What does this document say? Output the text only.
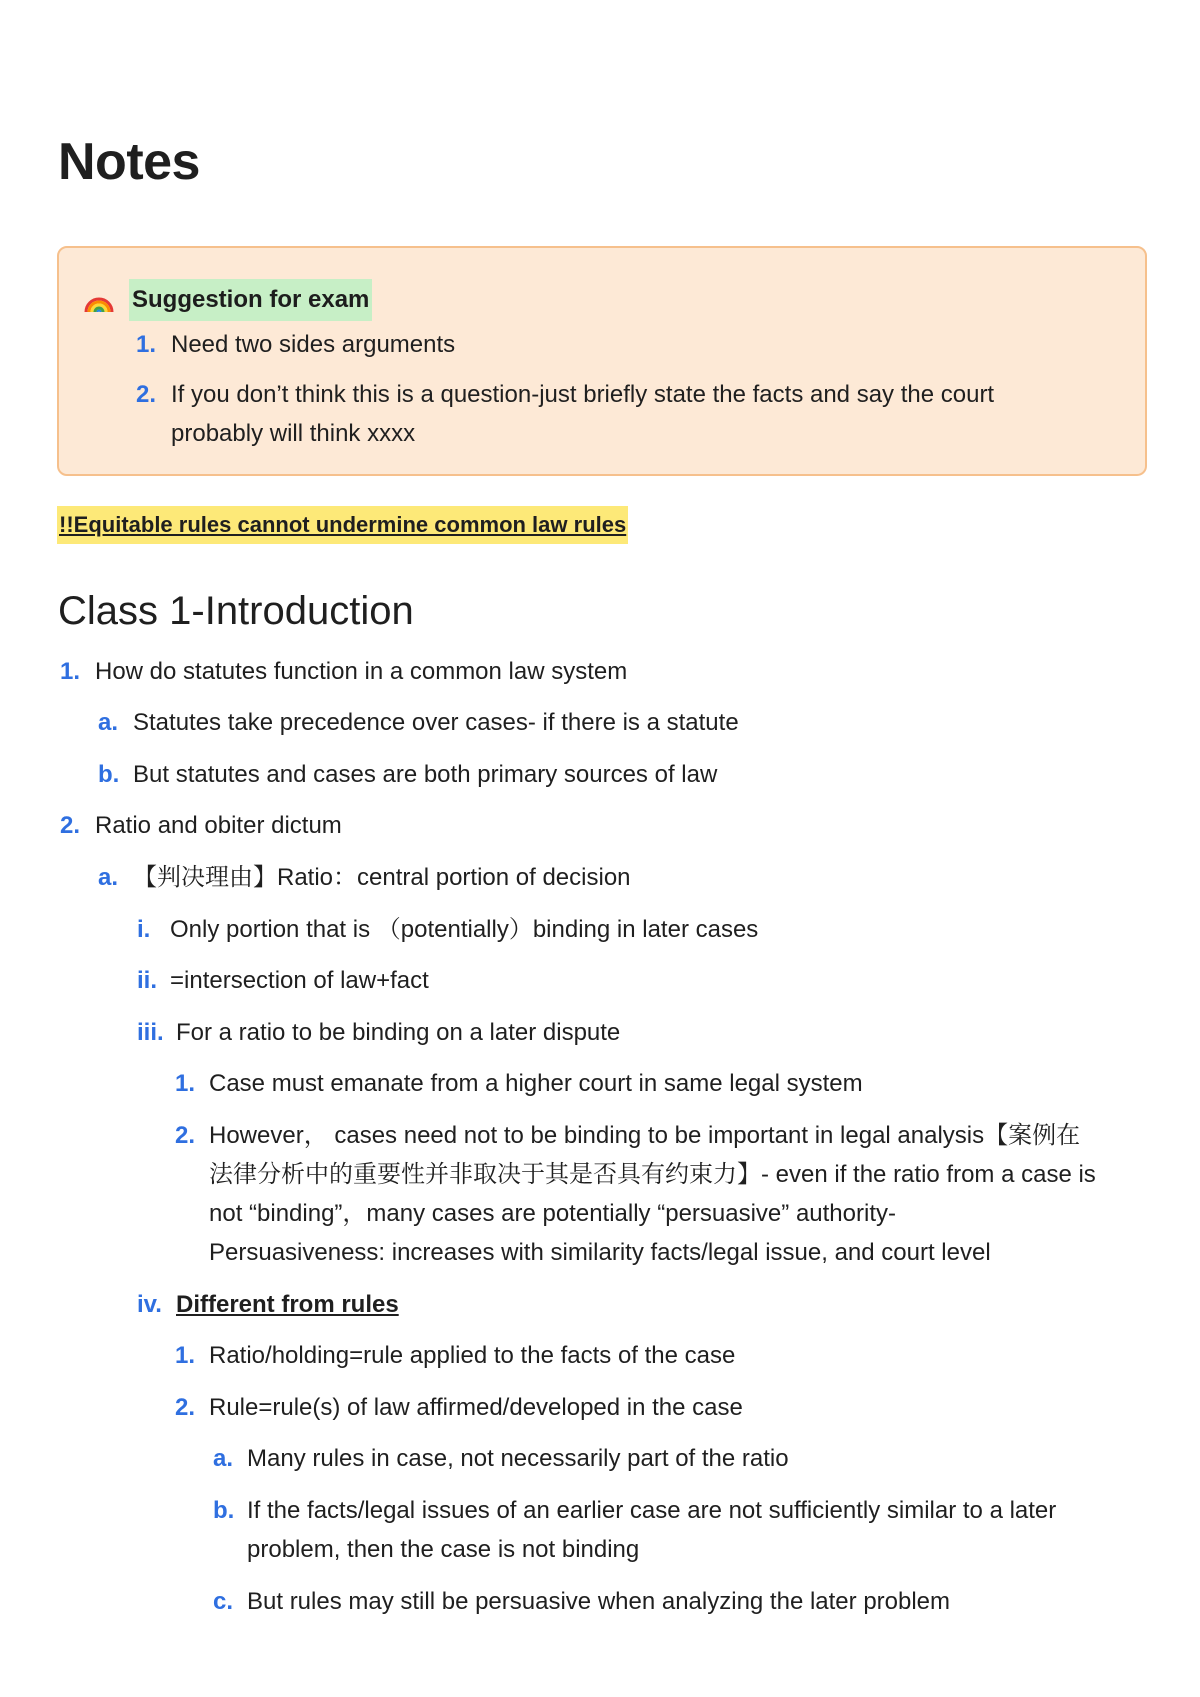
Notes
Suggestion for exam
1. Need two sides arguments
2. If you don’t think this is a question-just briefly state the facts and say the court
probably will think xxxx
!!Equitable rules cannot undermine common law rules
Class 1-Introduction
1. How do statutes function in a common law system
a. Statutes take precedence over cases- if there is a statute
b. But statutes and cases are both primary sources of law
2. Ratio and obiter dictum
a. 【判决理由】Ratio：central portion of decision
i. Only portion that is （potentially）binding in later cases
ii. =intersection of law+fact
iii. For a ratio to be binding on a later dispute
1. Case must emanate from a higher court in same legal system
2. However， cases need not to be binding to be important in legal analysis【案例在
法律分析中的重要性并非取决于其是否具有约束力】- even if the ratio from a case is
not “binding”，many cases are potentially “persuasive” authority-
Persuasiveness: increases with similarity facts/legal issue, and court level
iv. Different from rules
1. Ratio/holding=rule applied to the facts of the case
2. Rule=rule(s) of law affirmed/developed in the case
a. Many rules in case, not necessarily part of the ratio
b. If the facts/legal issues of an earlier case are not sufficiently similar to a later
problem, then the case is not binding
c. But rules may still be persuasive when analyzing the later problem
